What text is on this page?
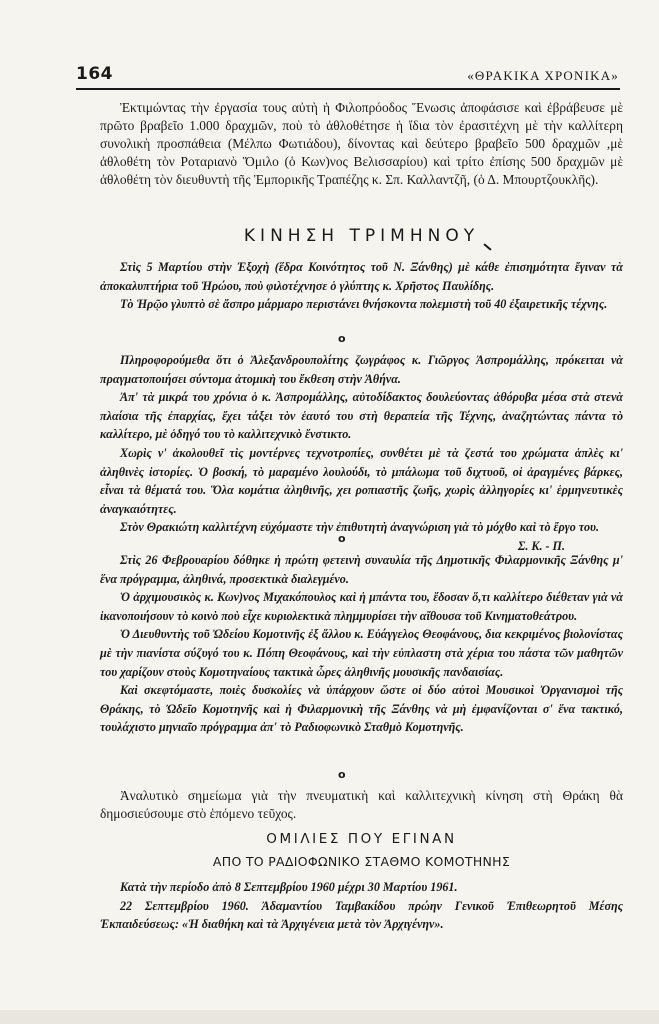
164	«ΘΡΑΚΙΚΑ ΧΡΟΝΙΚΑ»

Ἐκτιμώντας τὴν ἐργασία τους αὐτὴ ἡ Φιλοπρόοδος Ἕνωσις ἀποφάσισε καὶ ἐβράβευσε μὲ πρῶτο βραβεῖο 1.000 δραχμῶν, ποὺ τὸ ἀθλοθέτησε ἡ ἴδια τὸν ἐρασιτέχνη μὲ τὴν καλλίτερη συνολικὴ προσπάθεια (Μέλπω Φωτιάδου), δίνοντας καὶ δεύτερο βραβεῖο 500 δραχμῶν ,μὲ ἀθλοθέτη τὸν Ροταριανὸ Ὅμιλο (ὁ Κων)νος Βελισσαρίου) καὶ τρίτο ἐπίσης 500 δραχμῶν μὲ ἀθλοθέτη τὸν διευθυντὴ τῆς Ἐμπορικῆς Τραπέζης κ. Σπ. Καλλαντζῆ, (ὁ Δ. Μπουρτζουκλῆς).

ΚΙΝΗΣΗ ΤΡΙΜΗΝΟΥ

Στὶς 5 Μαρτίου στὴν Ἐξοχὴ (ἕδρα Κοινότητος τοῦ Ν. Ξάνθης) μὲ κάθε ἐπισημότητα ἔγιναν τὰ ἀποκαλυπτήρια τοῦ Ἡρώου, ποὺ φιλοτέχνησε ὁ γλύπτης κ. Χρῆστος Παυλίδης.

Τὸ Ἡρῷο γλυπτὸ σὲ ἄσπρο μάρμαρο περιστάνει θνήσκοντα πολεμιστὴ τοῦ 40 ἐξαιρετικῆς τέχνης.

o

Πληροφορούμεθα ὅτι ὁ Ἀλεξανδρουπολίτης ζωγράφος κ. Γιῶργος Ἀσπρομάλλης, πρόκειται νὰ πραγματοποιήσει σύντομα ἀτομικὴ του ἔκθεση στὴν Ἀθήνα.

Ἀπ' τὰ μικρά του χρόνια ὁ κ. Ἀσπρομάλλης, αὐτοδίδακτος δουλεύοντας ἀθόρυβα μέσα στὰ στενὰ πλαίσια τῆς ἐπαρχίας, ἔχει τάξει τὸν ἑαυτό του στὴ θεραπεία τῆς Τέχνης, ἀναζητώντας πάντα τὸ καλλίτερο, μὲ ὁδηγό του τὸ καλλιτεχνικὸ ἔνστικτο.

Χωρὶς ν' ἀκολουθεῖ τὶς μοντέρνες τεχνοτροπίες, συνθέτει μὲ τὰ ζεστά του χρώματα ἁπλὲς κι' ἀληθινὲς ἱστορίες. Ὁ βοσκή, τὸ μαραμένο λουλούδι, τὸ μπάλωμα τοῦ διχτυοῦ, οἱ ἀραγμένες βάρκες, εἶναι τὰ θέματά του. Ὅλα κομάτια ἀληθινῆς, χει ροπιαστῆς ζωῆς, χωρὶς ἀλληγορίες κι' ἑρμηνευτικὲς ἀναγκαιότητες.

Στὸν Θρακιώτη καλλιτέχνη εὐχόμαστε τὴν ἐπιθυτητὴ ἀναγνώριση γιὰ τὸ μόχθο καὶ τὸ ἔργο του.

Σ. Κ. - Π.

o

Στὶς 26 Φεβρουαρίου δόθηκε ἡ πρώτη φετεινὴ συναυλία τῆς Δημοτικῆς Φιλαρμονικῆς Ξάνθης μ' ἕνα πρόγραμμα, ἀληθινά, προσεκτικὰ διαλεγμένο.

Ὁ ἀρχιμουσικὸς κ. Κων)νος Μιχακόπουλος καὶ ἡ μπάντα του, ἔδοσαν ὅ,τι καλλίτερο διέθεταν γιὰ νὰ ἱκανοποιήσουν τὸ κοινὸ ποὺ εἶχε κυριολεκτικὰ πλημμυρίσει τὴν αἴθουσα τοῦ Κινηματοθεάτρου.

Ὁ Διευθυντὴς τοῦ Ὠδείου Κομοτινῆς ἐξ ἄλλου κ. Εὐάγγελος Θεοφάνους, δια κεκριμένος βιολονίστας μὲ τὴν πιανίστα σύζυγό του κ. Πόπη Θεοφάνους, καὶ τὴν εὐπλαστη στὰ χέρια του πάστα τῶν μαθητῶν του χαρίζουν στοὺς Κομοτηναίους τακτικὰ ὧρες ἀληθινῆς μουσικῆς πανδαισίας.

Καὶ σκεφτόμαστε, ποιὲς δυσκολίες νὰ ὑπάρχουν ὥστε οἱ δύο αὐτοὶ Μουσικοὶ Ὀργανισμοὶ τῆς Θράκης, τὸ Ὠδεῖο Κομοτηνῆς καὶ ἡ Φιλαρμονικὴ τῆς Ξάνθης νὰ μὴ ἐμφανίζονται σ' ἕνα τακτικό, τουλάχιστο μηνιαῖο πρόγραμμα ἀπ' τὸ Ραδιοφωνικὸ Σταθμὸ Κομοτηνῆς.

o

Ἀναλυτικὸ σημείωμα γιὰ τὴν πνευματικὴ καὶ καλλιτεχνικὴ κίνηση στὴ Θράκη θὰ δημοσιεύσουμε στὸ ἑπόμενο τεῦχος.

ΟΜΙΛΙΕΣ ΠΟΥ ΕΓΙΝΑΝ
ΑΠΟ ΤΟ ΡΑΔΙΟΦΩΝΙΚΟ ΣΤΑΘΜΟ ΚΟΜΟΤΗΝΗΣ

Κατὰ τὴν περίοδο ἀπὸ 8 Σεπτεμβρίου 1960 μέχρι 30 Μαρτίου 1961.

22 Σεπτεμβρίου 1960. Ἀδαμαντίου Ταμβακίδου πρώην Γενικοῦ Ἐπιθεωρητοῦ Μέσης Ἐκπαιδεύσεως: «Ἡ διαθήκη καὶ τὰ Ἀρχιγένεια μετὰ τὸν Ἀρχιγένην».
